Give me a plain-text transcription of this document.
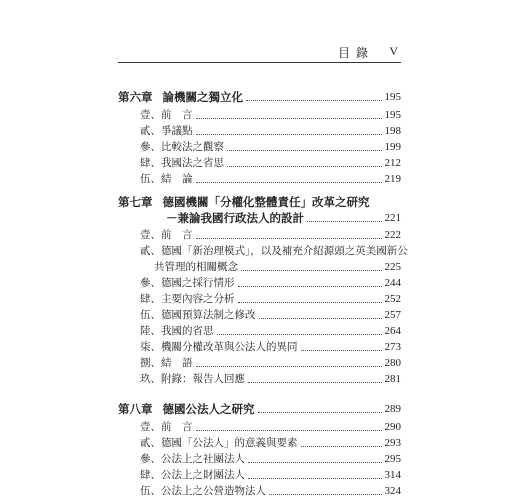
目錄 V
第六章 論機關之獨立化	195
壹、前　言	195
貳、爭議點	198
參、比較法之觀察	199
肆、我國法之省思	212
伍、結　論	219
第七章 德國機關「分權化整體責任」改革之研究
－兼論我國行政法人的設計	221
壹、前　言	222
貳、德國「新治理模式」，以及補充介紹源頭之英美國新公
共管理的相關概念	225
參、德國之採行情形	244
肆、主要內容之分析	252
伍、德國預算法制之修改	257
陸、我國的省思	264
柒、機關分權改革與公法人的異同	273
捌、結　語	280
玖、附錄：報告人回應	281
第八章 德國公法人之研究	289
壹、前　言	290
貳、德國「公法人」的意義與要素	293
參、公法上之社團法人	295
肆、公法上之財團法人	314
伍、公法上之公營造物法人	324
